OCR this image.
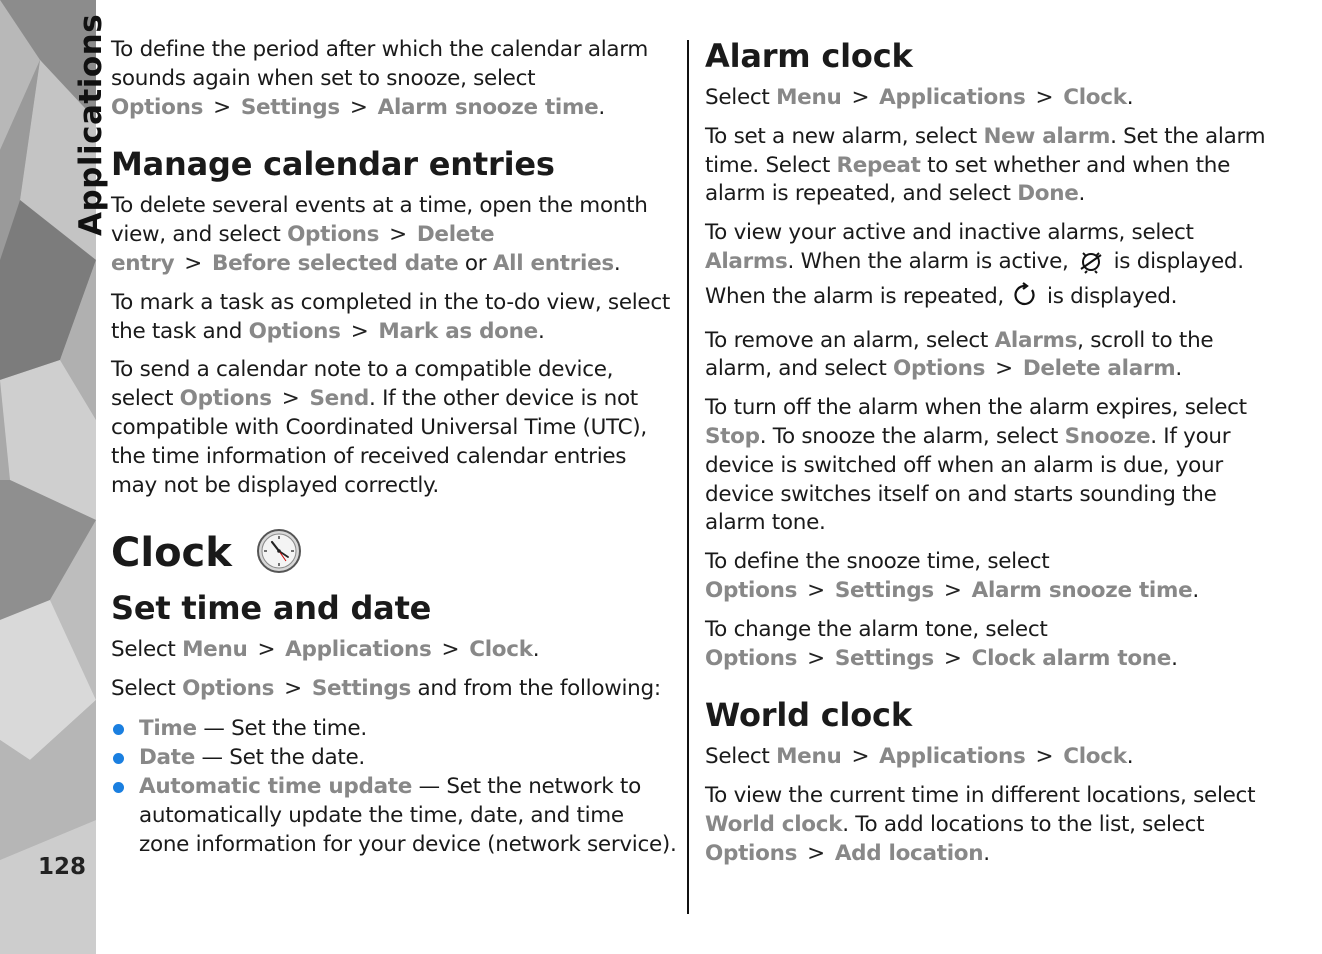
Applications
128

To define the period after which the calendar alarm sounds again when set to snooze, select Options > Settings > Alarm snooze time.

Manage calendar entries

To delete several events at a time, open the month view, and select Options > Delete entry > Before selected date or All entries.

To mark a task as completed in the to-do view, select the task and Options > Mark as done.

To send a calendar note to a compatible device, select Options > Send. If the other device is not compatible with Coordinated Universal Time (UTC), the time information of received calendar entries may not be displayed correctly.

Clock
Set time and date

Select Menu > Applications > Clock.

Select Options > Settings and from the following:

Time — Set the time.
Date — Set the date.
Automatic time update — Set the network to automatically update the time, date, and time zone information for your device (network service).
Alarm clock

Select Menu > Applications > Clock.

To set a new alarm, select New alarm. Set the alarm time. Select Repeat to set whether and when the alarm is repeated, and select Done.

To view your active and inactive alarms, select Alarms. When the alarm is active,  is displayed. When the alarm is repeated,  is displayed.

To remove an alarm, select Alarms, scroll to the alarm, and select Options > Delete alarm.

To turn off the alarm when the alarm expires, select Stop. To snooze the alarm, select Snooze. If your device is switched off when an alarm is due, your device switches itself on and starts sounding the alarm tone.

To define the snooze time, select Options > Settings > Alarm snooze time.

To change the alarm tone, select Options > Settings > Clock alarm tone.

World clock

Select Menu > Applications > Clock.

To view the current time in different locations, select World clock. To add locations to the list, select Options > Add location.
